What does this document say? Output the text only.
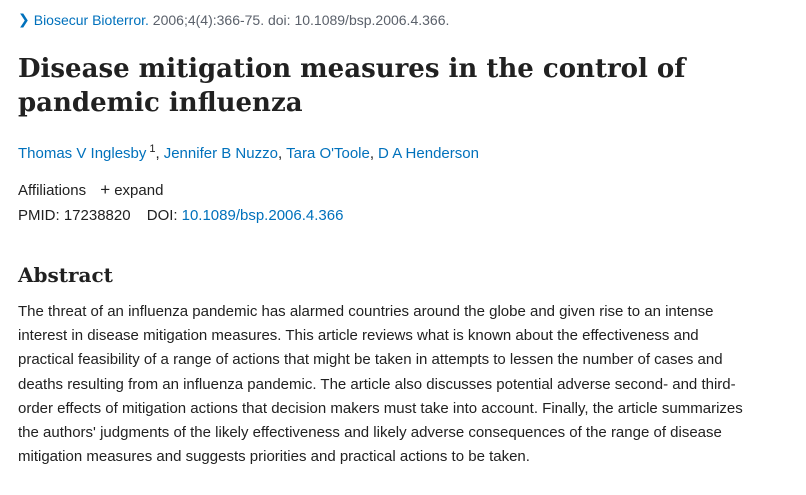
❯ Biosecur Bioterror. 2006;4(4):366-75. doi: 10.1089/bsp.2006.4.366.
Disease mitigation measures in the control of pandemic influenza
Thomas V Inglesby $^1$, Jennifer B Nuzzo, Tara O'Toole, D A Henderson
Affiliations + expand
PMID: 17238820 DOI: 10.1089/bsp.2006.4.366
Abstract

The threat of an influenza pandemic has alarmed countries around the globe and given rise to an intense interest in disease mitigation measures. This article reviews what is known about the effectiveness and practical feasibility of a range of actions that might be taken in attempts to lessen the number of cases and deaths resulting from an influenza pandemic. The article also discusses potential adverse second- and third-order effects of mitigation actions that decision makers must take into account. Finally, the article summarizes the authors' judgments of the likely effectiveness and likely adverse consequences of the range of disease mitigation measures and suggests priorities and practical actions to be taken.
